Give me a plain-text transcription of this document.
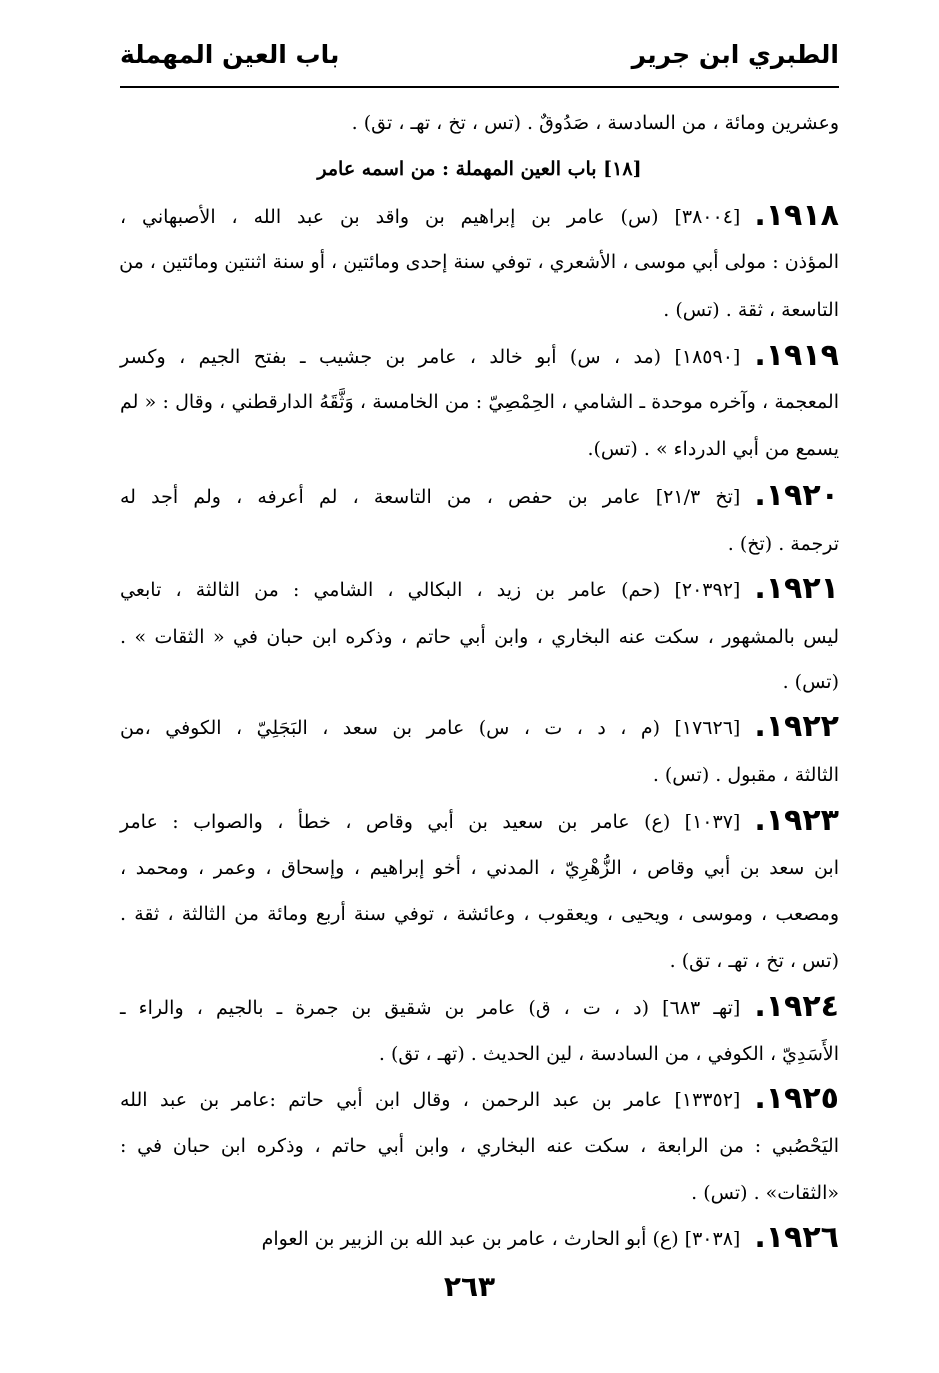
الطبري ابن جرير
باب العين المهملة
وعشرين ومائة ، من السادسة ، صَدُوقٌ . (تس ، تخ ، تهـ ، تق) .
[١٨] باب العين المهملة : من اسمه عامر
١٩١٨.[٣٨٠٠٤] (س) عامر بن إبراهيم بن واقد بن عبد الله ، الأصبهاني ،
المؤذن : مولى أبي موسى ، الأشعري ، توفي سنة إحدى ومائتين ، أو سنة اثنتين ومائتين ، من
التاسعة ، ثقة . (تس) .
١٩١٩.[١٨٥٩٠] (مد ، س) أبو خالد ، عامر بن جشيب ـ بفتح الجيم ، وكسر
المعجمة ، وآخره موحدة ـ الشامي ، الحِمْصِيّ : من الخامسة ، وَثَّقَهُ الدارقطني ، وقال : « لم
يسمع من أبي الدرداء » . (تس).
١٩٢٠.[تخ ٢١/٣] عامر بن حفص ، من التاسعة ، لم أعرفه ، ولم أجد له
ترجمة . (تخ) .
١٩٢١.[٢٠٣٩٢] (حم) عامر بن زيد ، البكالي ، الشامي : من الثالثة ، تابعي
ليس بالمشهور ، سكت عنه البخاري ، وابن أبي حاتم ، وذكره ابن حبان في « الثقات » .
(تس) .
١٩٢٢.[١٧٦٢٦] (م ، د ، ت ، س) عامر بن سعد ، البَجَلِيّ ، الكوفي ،من
الثالثة ، مقبول . (تس) .
١٩٢٣.[١٠٣٧] (ع) عامر بن سعيد بن أبي وقاص ، خطأ ، والصواب : عامر
ابن سعد بن أبي وقاص ، الزُّهْرِيّ ، المدني ، أخو إبراهيم ، وإسحاق ، وعمر ، ومحمد ،
ومصعب ، وموسى ، ويحيى ، ويعقوب ، وعائشة ، توفي سنة أربع ومائة من الثالثة ، ثقة .
(تس ، تخ ، تهـ ، تق) .
١٩٢٤.[تهـ ٦٨٣] (د ، ت ، ق) عامر بن شقيق بن جمرة ـ بالجيم ، والراء ـ
الأَسَدِيّ ، الكوفي ، من السادسة ، لين الحديث . (تهـ ، تق) .
١٩٢٥.[١٣٣٥٢] عامر بن عبد الرحمن ، وقال ابن أبي حاتم :عامر بن عبد الله
اليَحْصُبي : من الرابعة ، سكت عنه البخاري ، وابن أبي حاتم ، وذكره ابن حبان في :
«الثقات» . (تس) .
١٩٢٦.[٣٠٣٨] (ع) أبو الحارث ، عامر بن عبد الله بن الزبير بن العوام
٢٦٣
